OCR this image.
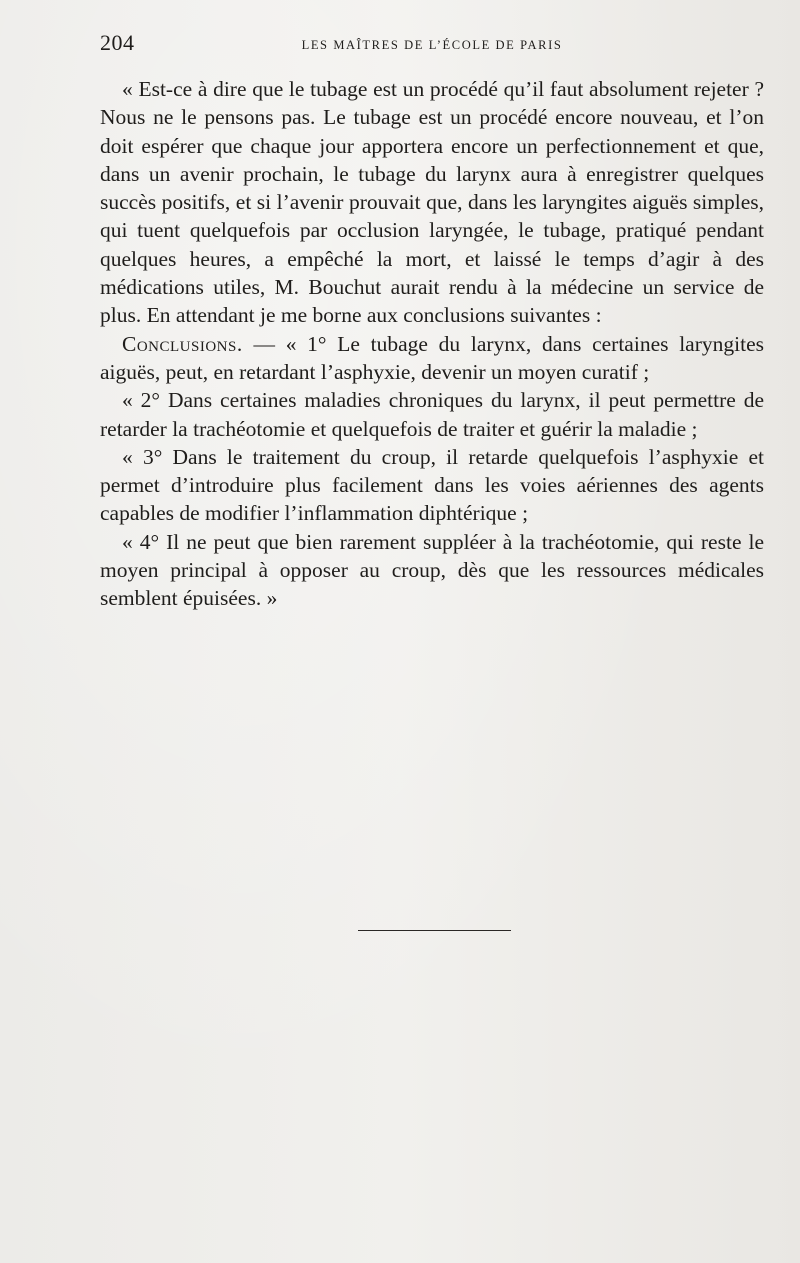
204	LES MAÎTRES DE L’ÉCOLE DE PARIS

« Est-ce à dire que le tubage est un procédé qu’il faut absolument rejeter ? Nous ne le pensons pas. Le tubage est un procédé encore nouveau, et l’on doit espérer que chaque jour apportera encore un perfectionnement et que, dans un avenir prochain, le tubage du larynx aura à enregistrer quelques succès positifs, et si l’avenir prouvait que, dans les laryngites aiguës simples, qui tuent quelquefois par occlusion laryngée, le tubage, pratiqué pendant quelques heures, a empêché la mort, et laissé le temps d’agir à des médications utiles, M. Bouchut aurait rendu à la médecine un service de plus. En attendant je me borne aux conclusions suivantes :

Conclusions. — « 1° Le tubage du larynx, dans certaines laryngites aiguës, peut, en retardant l’asphyxie, devenir un moyen curatif ;

« 2° Dans certaines maladies chroniques du larynx, il peut permettre de retarder la trachéotomie et quelquefois de traiter et guérir la maladie ;

« 3° Dans le traitement du croup, il retarde quelquefois l’asphyxie et permet d’introduire plus facilement dans les voies aériennes des agents capables de modifier l’inflammation diphtérique ;

« 4° Il ne peut que bien rarement suppléer à la trachéotomie, qui reste le moyen principal à opposer au croup, dès que les ressources médicales semblent épuisées. »
